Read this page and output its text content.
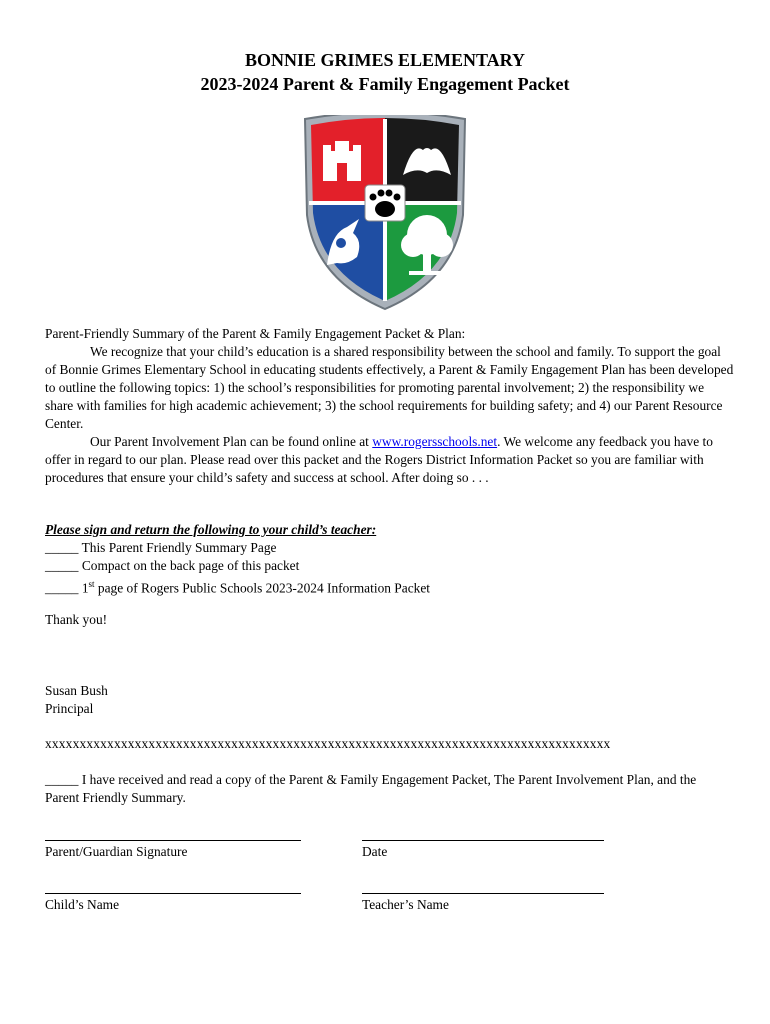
BONNIE GRIMES ELEMENTARY
2023-2024 Parent & Family Engagement Packet

Parent-Friendly Summary of the Parent & Family Engagement Packet & Plan:

We recognize that your child’s education is a shared responsibility between the school and family. To support the goal of Bonnie Grimes Elementary School in educating students effectively, a Parent & Family Engagement Plan has been developed to outline the following topics: 1) the school’s responsibilities for promoting parental involvement; 2) the responsibility we share with families for high academic achievement; 3) the school requirements for building safety; and 4) our Parent Resource Center.

Our Parent Involvement Plan can be found online at www.rogersschools.net. We welcome any feedback you have to offer in regard to our plan. Please read over this packet and the Rogers District Information Packet so you are familiar with procedures that ensure your child’s safety and success at school. After doing so . . .

Please sign and return the following to your child’s teacher:
_____ This Parent Friendly Summary Page
_____ Compact on the back page of this packet
_____ 1st page of Rogers Public Schools 2023-2024 Information Packet
Thank you!
Susan Bush
Principal
xxxxxxxxxxxxxxxxxxxxxxxxxxxxxxxxxxxxxxxxxxxxxxxxxxxxxxxxxxxxxxxxxxxxxxxxxxxxxxxxxx
_____ I have received and read a copy of the Parent & Family Engagement Packet, The Parent Involvement Plan, and the Parent Friendly Summary.
Parent/Guardian Signature	Date
Child’s Name	Teacher’s Name
